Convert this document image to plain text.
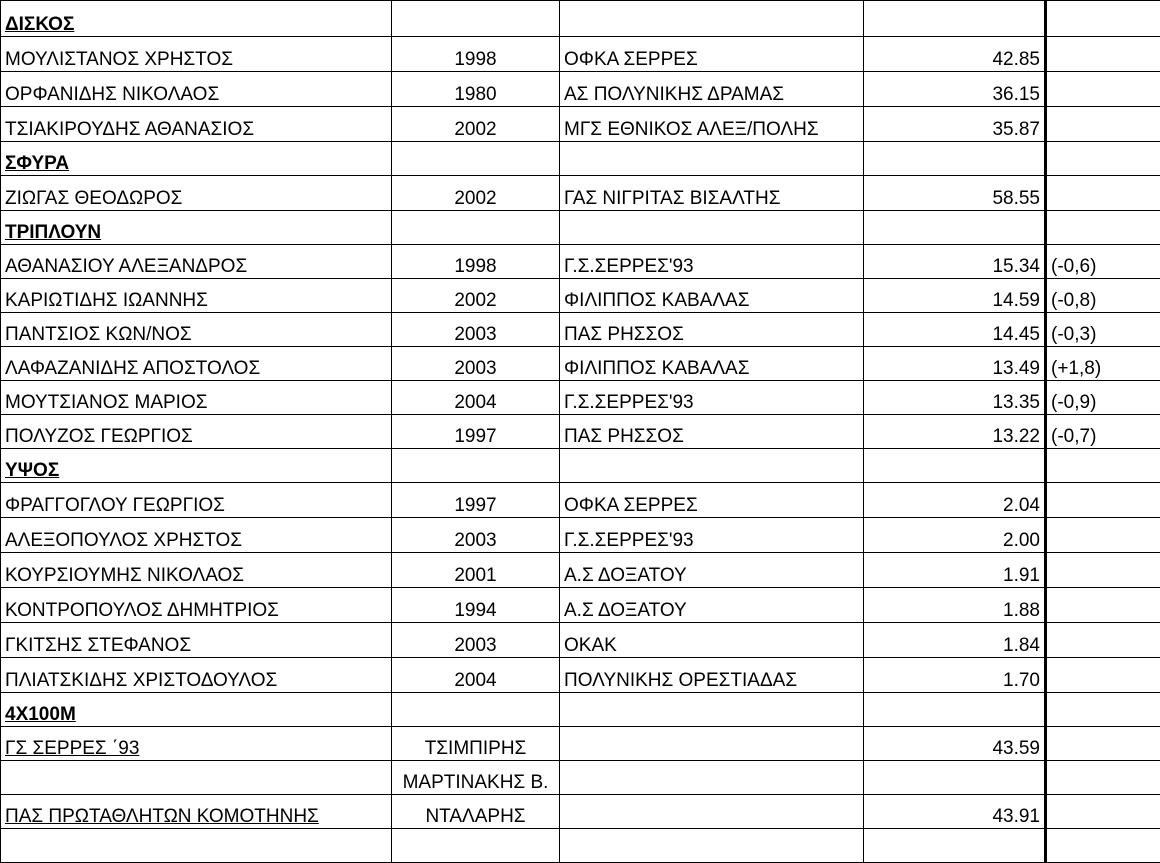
ΔΙΣΚΟΣ				
ΜΟΥΛΙΣΤΑΝΟΣ ΧΡΗΣΤΟΣ	1998	ΟΦΚΑ ΣΕΡΡΕΣ	42.85	
ΟΡΦΑΝΙΔΗΣ ΝΙΚΟΛΑΟΣ	1980	ΑΣ ΠΟΛΥΝΙΚΗΣ ΔΡΑΜΑΣ	36.15	
ΤΣΙΑΚΙΡΟΥΔΗΣ ΑΘΑΝΑΣΙΟΣ	2002	ΜΓΣ ΕΘΝΙΚΟΣ ΑΛΕΞ/ΠΟΛΗΣ	35.87	
ΣΦΥΡΑ				
ΖΙΩΓΑΣ ΘΕΟΔΩΡΟΣ	2002	ΓΑΣ ΝΙΓΡΙΤΑΣ ΒΙΣΑΛΤΗΣ	58.55	
ΤΡΙΠΛΟΥΝ				
ΑΘΑΝΑΣΙΟΥ ΑΛΕΞΑΝΔΡΟΣ	1998	Γ.Σ.ΣΕΡΡΕΣ'93	15.34	(-0,6)
ΚΑΡΙΩΤΙΔΗΣ ΙΩΑΝΝΗΣ	2002	ΦΙΛΙΠΠΟΣ ΚΑΒΑΛΑΣ	14.59	(-0,8)
ΠΑΝΤΣΙΟΣ ΚΩΝ/ΝΟΣ	2003	ΠΑΣ ΡΗΣΣΟΣ	14.45	(-0,3)
ΛΑΦΑΖΑΝΙΔΗΣ ΑΠΟΣΤΟΛΟΣ	2003	ΦΙΛΙΠΠΟΣ ΚΑΒΑΛΑΣ	13.49	(+1,8)
ΜΟΥΤΣΙΑΝΟΣ ΜΑΡΙΟΣ	2004	Γ.Σ.ΣΕΡΡΕΣ'93	13.35	(-0,9)
ΠΟΛΥΖΟΣ ΓΕΩΡΓΙΟΣ	1997	ΠΑΣ ΡΗΣΣΟΣ	13.22	(-0,7)
ΥΨΟΣ				
ΦΡΑΓΓΟΓΛΟΥ ΓΕΩΡΓΙΟΣ	1997	ΟΦΚΑ ΣΕΡΡΕΣ	2.04	
ΑΛΕΞΟΠΟΥΛΟΣ ΧΡΗΣΤΟΣ	2003	Γ.Σ.ΣΕΡΡΕΣ'93	2.00	
ΚΟΥΡΣΙΟΥΜΗΣ ΝΙΚΟΛΑΟΣ	2001	Α.Σ ΔΟΞΑΤΟΥ	1.91	
ΚΟΝΤΡΟΠΟΥΛΟΣ ΔΗΜΗΤΡΙΟΣ	1994	Α.Σ ΔΟΞΑΤΟΥ	1.88	
ΓΚΙΤΣΗΣ ΣΤΕΦΑΝΟΣ	2003	ΟΚΑΚ	1.84	
ΠΛΙΑΤΣΚΙΔΗΣ ΧΡΙΣΤΟΔΟΥΛΟΣ	2004	ΠΟΛΥΝΙΚΗΣ ΟΡΕΣΤΙΑΔΑΣ	1.70	
4Χ100Μ				
ΓΣ ΣΕΡΡΕΣ ΄93	ΤΣΙΜΠΙΡΗΣ		43.59	
	ΜΑΡΤΙΝΑΚΗΣ Β.			
ΠΑΣ ΠΡΩΤΑΘΛΗΤΩΝ ΚΟΜΟΤΗΝΗΣ	ΝΤΑΛΑΡΗΣ		43.91	
